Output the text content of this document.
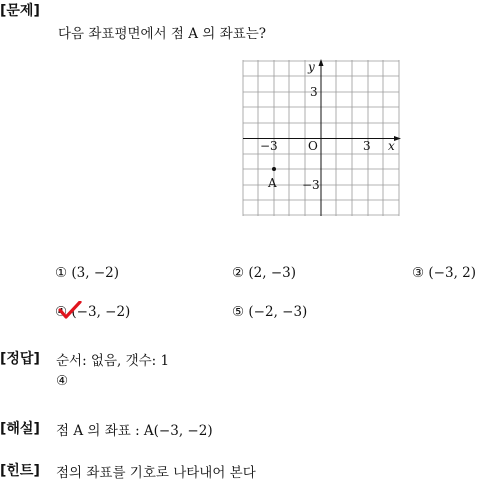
[문제]
다음 좌표평면에서 점 A 의 좌표는?
y
x
O
−3	3
3
−3
A
① (3, −2)	② (2, −3)	③ (−3, 2)
④ (−3, −2)	⑤ (−2, −3)
[정답] 순서: 없음, 갯수: 1
④
[해설] 점 A 의 좌표 : A(−3, −2)
[힌트] 점의 좌표를 기호로 나타내어 본다
